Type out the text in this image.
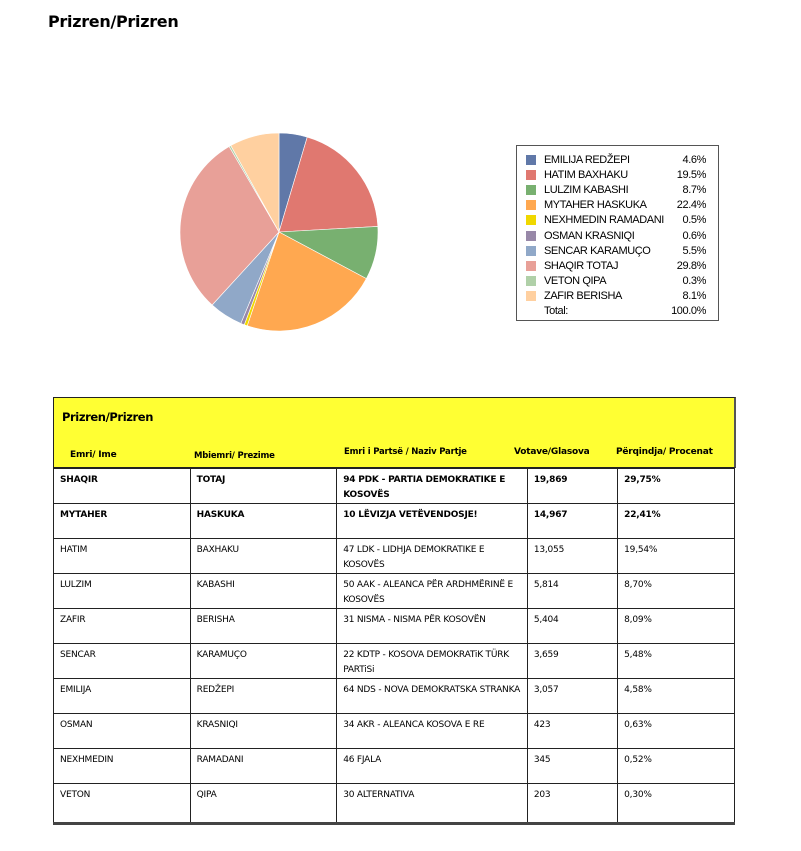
Prizren/Prizren
EMILIJA REDŽEPI	4.6%
HATIM BAXHAKU	19.5%
LULZIM KABASHI	8.7%
MYTAHER HASKUKA	22.4%
NEXHMEDIN RAMADANI	0.5%
OSMAN KRASNIQI	0.6%
SENCAR KARAMUÇO	5.5%
SHAQIR TOTAJ	29.8%
VETON QIPA	0.3%
ZAFIR BERISHA	8.1%
Total:	100.0%
Prizren/Prizren
Emri/ Ime	Mbiemri/ Prezime	Emri i Partsë / Naziv Partje	Votave/Glasova	Përqindja/ Procenat
SHAQIR	TOTAJ	94 PDK - PARTIA DEMOKRATIKE E KOSOVËS	19,869	29,75%
MYTAHER	HASKUKA	10 LËVIZJA VETËVENDOSJE!	14,967	22,41%
HATIM	BAXHAKU	47 LDK - LIDHJA DEMOKRATIKE E KOSOVËS	13,055	19,54%
LULZIM	KABASHI	50 AAK - ALEANCA PËR ARDHMËRINË E KOSOVËS	5,814	8,70%
ZAFIR	BERISHA	31 NISMA - NISMA PËR KOSOVËN	5,404	8,09%
SENCAR	KARAMUÇO	22 KDTP - KOSOVA DEMOKRATiK TÜRK PARTiSi	3,659	5,48%
EMILIJA	REDŽEPI	64 NDS - NOVA DEMOKRATSKA STRANKA	3,057	4,58%
OSMAN	KRASNIQI	34 AKR - ALEANCA KOSOVA E RE	423	0,63%
NEXHMEDIN	RAMADANI	46 FJALA	345	0,52%
VETON	QIPA	30 ALTERNATIVA	203	0,30%
